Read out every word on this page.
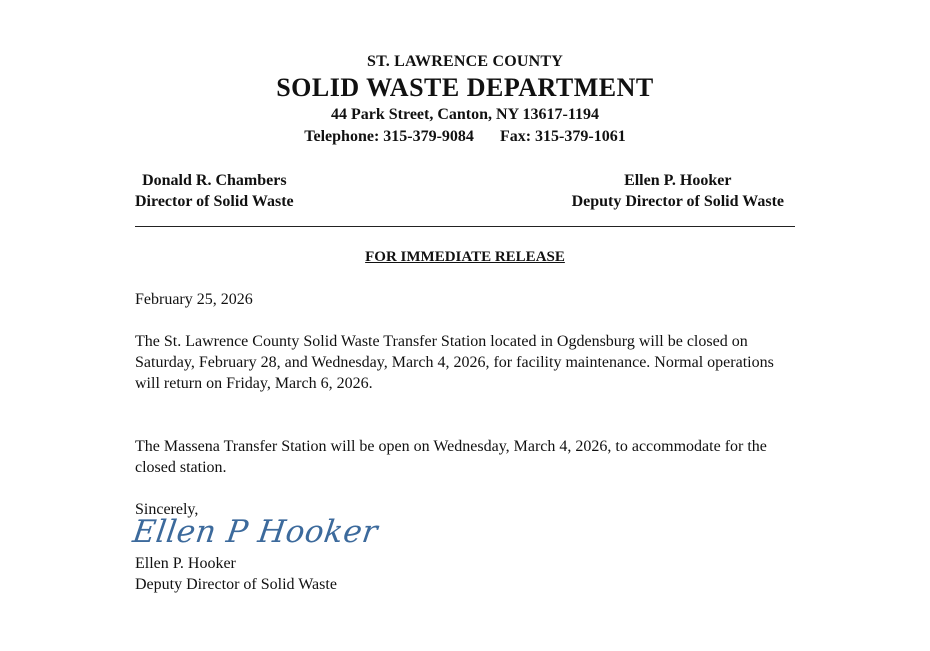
ST. LAWRENCE COUNTY
SOLID WASTE DEPARTMENT
44 Park Street, Canton, NY 13617-1194
Telephone: 315-379-9084 Fax: 315-379-1061
Donald R. Chambers
Director of Solid Waste
Ellen P. Hooker
Deputy Director of Solid Waste
FOR IMMEDIATE RELEASE
February 25, 2026
The St. Lawrence County Solid Waste Transfer Station located in Ogdensburg will be closed on Saturday, February 28, and Wednesday, March 4, 2026, for facility maintenance. Normal operations will return on Friday, March 6, 2026.
The Massena Transfer Station will be open on Wednesday, March 4, 2026, to accommodate for the closed station.
Sincerely,
Ellen P Hooker
Ellen P. Hooker
Deputy Director of Solid Waste
